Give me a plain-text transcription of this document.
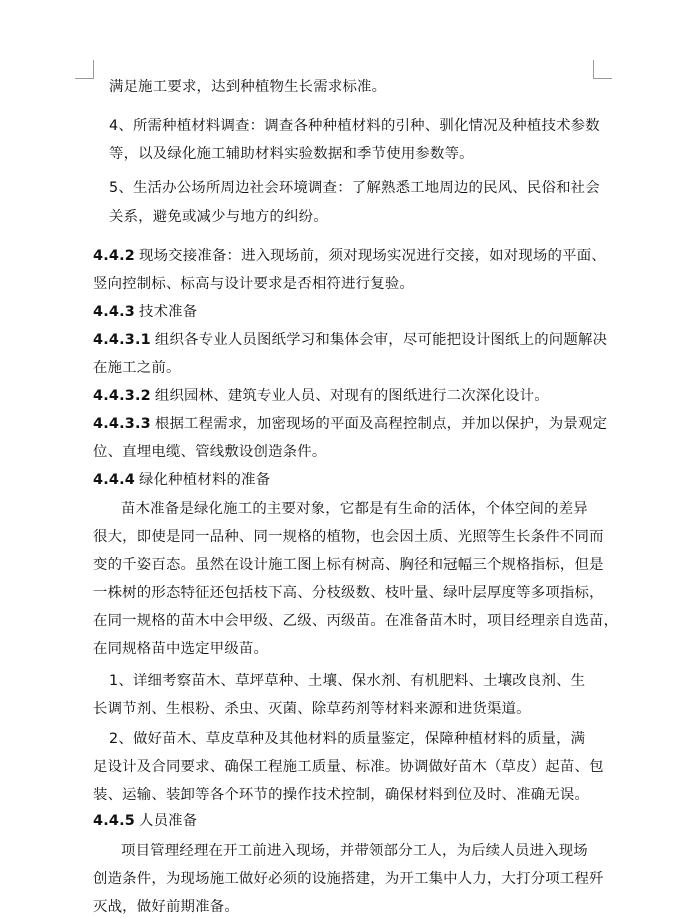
满足施工要求，达到种植物生长需求标准。
4、所需种植材料调查：调查各种种植材料的引种、驯化情况及种植技术参数
等，以及绿化施工辅助材料实验数据和季节使用参数等。
5、生活办公场所周边社会环境调查：了解熟悉工地周边的民风、民俗和社会
关系，避免或减少与地方的纠纷。
4.4.2 现场交接准备：进入现场前，须对现场实况进行交接，如对现场的平面、
竖向控制标、标高与设计要求是否相符进行复验。
4.4.3 技术准备
4.4.3.1 组织各专业人员图纸学习和集体会审，尽可能把设计图纸上的问题解决
在施工之前。
4.4.3.2 组织园林、建筑专业人员、对现有的图纸进行二次深化设计。
4.4.3.3 根据工程需求，加密现场的平面及高程控制点，并加以保护，为景观定
位、直埋电缆、管线敷设创造条件。
4.4.4 绿化种植材料的准备
苗木准备是绿化施工的主要对象，它都是有生命的活体，个体空间的差异
很大，即使是同一品种、同一规格的植物，也会因土质、光照等生长条件不同而
变的千姿百态。虽然在设计施工图上标有树高、胸径和冠幅三个规格指标，但是
一株树的形态特征还包括枝下高、分枝级数、枝叶量、绿叶层厚度等多项指标，
在同一规格的苗木中会甲级、乙级、丙级苗。在准备苗木时，项目经理亲自选苗，
在同规格苗中选定甲级苗。
1、详细考察苗木、草坪草种、土壤、保水剂、有机肥料、土壤改良剂、生
长调节剂、生根粉、杀虫、灭菌、除草药剂等材料来源和进货渠道。
2、做好苗木、草皮草种及其他材料的质量鉴定，保障种植材料的质量，满
足设计及合同要求、确保工程施工质量、标准。协调做好苗木（草皮）起苗、包
装、运输、装卸等各个环节的操作技术控制，确保材料到位及时、准确无误。
4.4.5 人员准备
项目管理经理在开工前进入现场，并带领部分工人，为后续人员进入现场
创造条件，为现场施工做好必须的设施搭建，为开工集中人力，大打分项工程歼
灭战，做好前期准备。
